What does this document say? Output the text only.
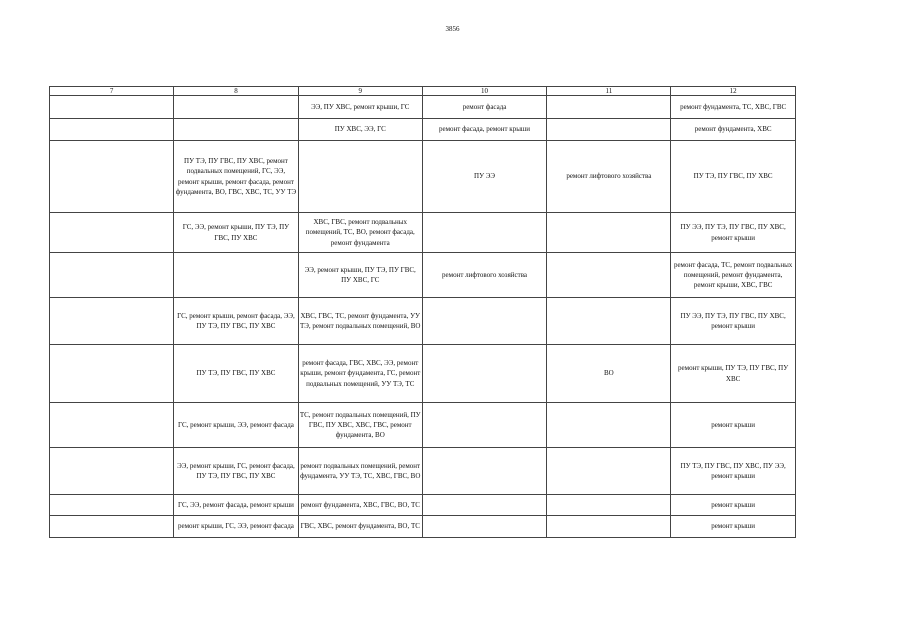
3856
7	8	9	10	11	12
		ЭЭ, ПУ ХВС, ремонт крыши, ГС	ремонт фасада		ремонт фундамента, ТС, ХВС, ГВС
		ПУ ХВС, ЭЭ, ГС	ремонт фасада, ремонт крыши		ремонт фундамента, ХВС
	ПУ ТЭ, ПУ ГВС, ПУ ХВС, ремонт подвальных помещений, ГС, ЭЭ, ремонт крыши, ремонт фасада, ремонт фундамента, ВО, ГВС, ХВС, ТС, УУ ТЭ		ПУ ЭЭ	ремонт лифтового хозяйства	ПУ ТЭ, ПУ ГВС, ПУ ХВС
	ГС, ЭЭ, ремонт крыши, ПУ ТЭ, ПУ ГВС, ПУ ХВС	ХВС, ГВС, ремонт подвальных помещений, ТС, ВО, ремонт фасада, ремонт фундамента			ПУ ЭЭ, ПУ ТЭ, ПУ ГВС, ПУ ХВС, ремонт крыши
		ЭЭ, ремонт крыши, ПУ ТЭ, ПУ ГВС, ПУ ХВС, ГС	ремонт лифтового хозяйства		ремонт фасада, ТС, ремонт подвальных помещений, ремонт фундамента, ремонт крыши, ХВС, ГВС
	ГС, ремонт крыши, ремонт фасада, ЭЭ, ПУ ТЭ, ПУ ГВС, ПУ ХВС	ХВС, ГВС, ТС, ремонт фундамента, УУ ТЭ, ремонт подвальных помещений, ВО			ПУ ЭЭ, ПУ ТЭ, ПУ ГВС, ПУ ХВС, ремонт крыши
	ПУ ТЭ, ПУ ГВС, ПУ ХВС	ремонт фасада, ГВС, ХВС, ЭЭ, ремонт крыши, ремонт фундамента, ГС, ремонт подвальных помещений, УУ ТЭ, ТС		ВО	ремонт крыши, ПУ ТЭ, ПУ ГВС, ПУ ХВС
	ГС, ремонт крыши, ЭЭ, ремонт фасада	ТС, ремонт подвальных помещений, ПУ ГВС, ПУ ХВС, ХВС, ГВС, ремонт фундамента, ВО			ремонт крыши
	ЭЭ, ремонт крыши, ГС, ремонт фасада, ПУ ТЭ, ПУ ГВС, ПУ ХВС	ремонт подвальных помещений, ремонт фундамента, УУ ТЭ, ТС, ХВС, ГВС, ВО			ПУ ТЭ, ПУ ГВС, ПУ ХВС, ПУ ЭЭ, ремонт крыши
	ГС, ЭЭ, ремонт фасада, ремонт крыши	ремонт фундамента, ХВС, ГВС, ВО, ТС			ремонт крыши
	ремонт крыши, ГС, ЭЭ, ремонт фасада	ГВС, ХВС, ремонт фундамента, ВО, ТС			ремонт крыши
